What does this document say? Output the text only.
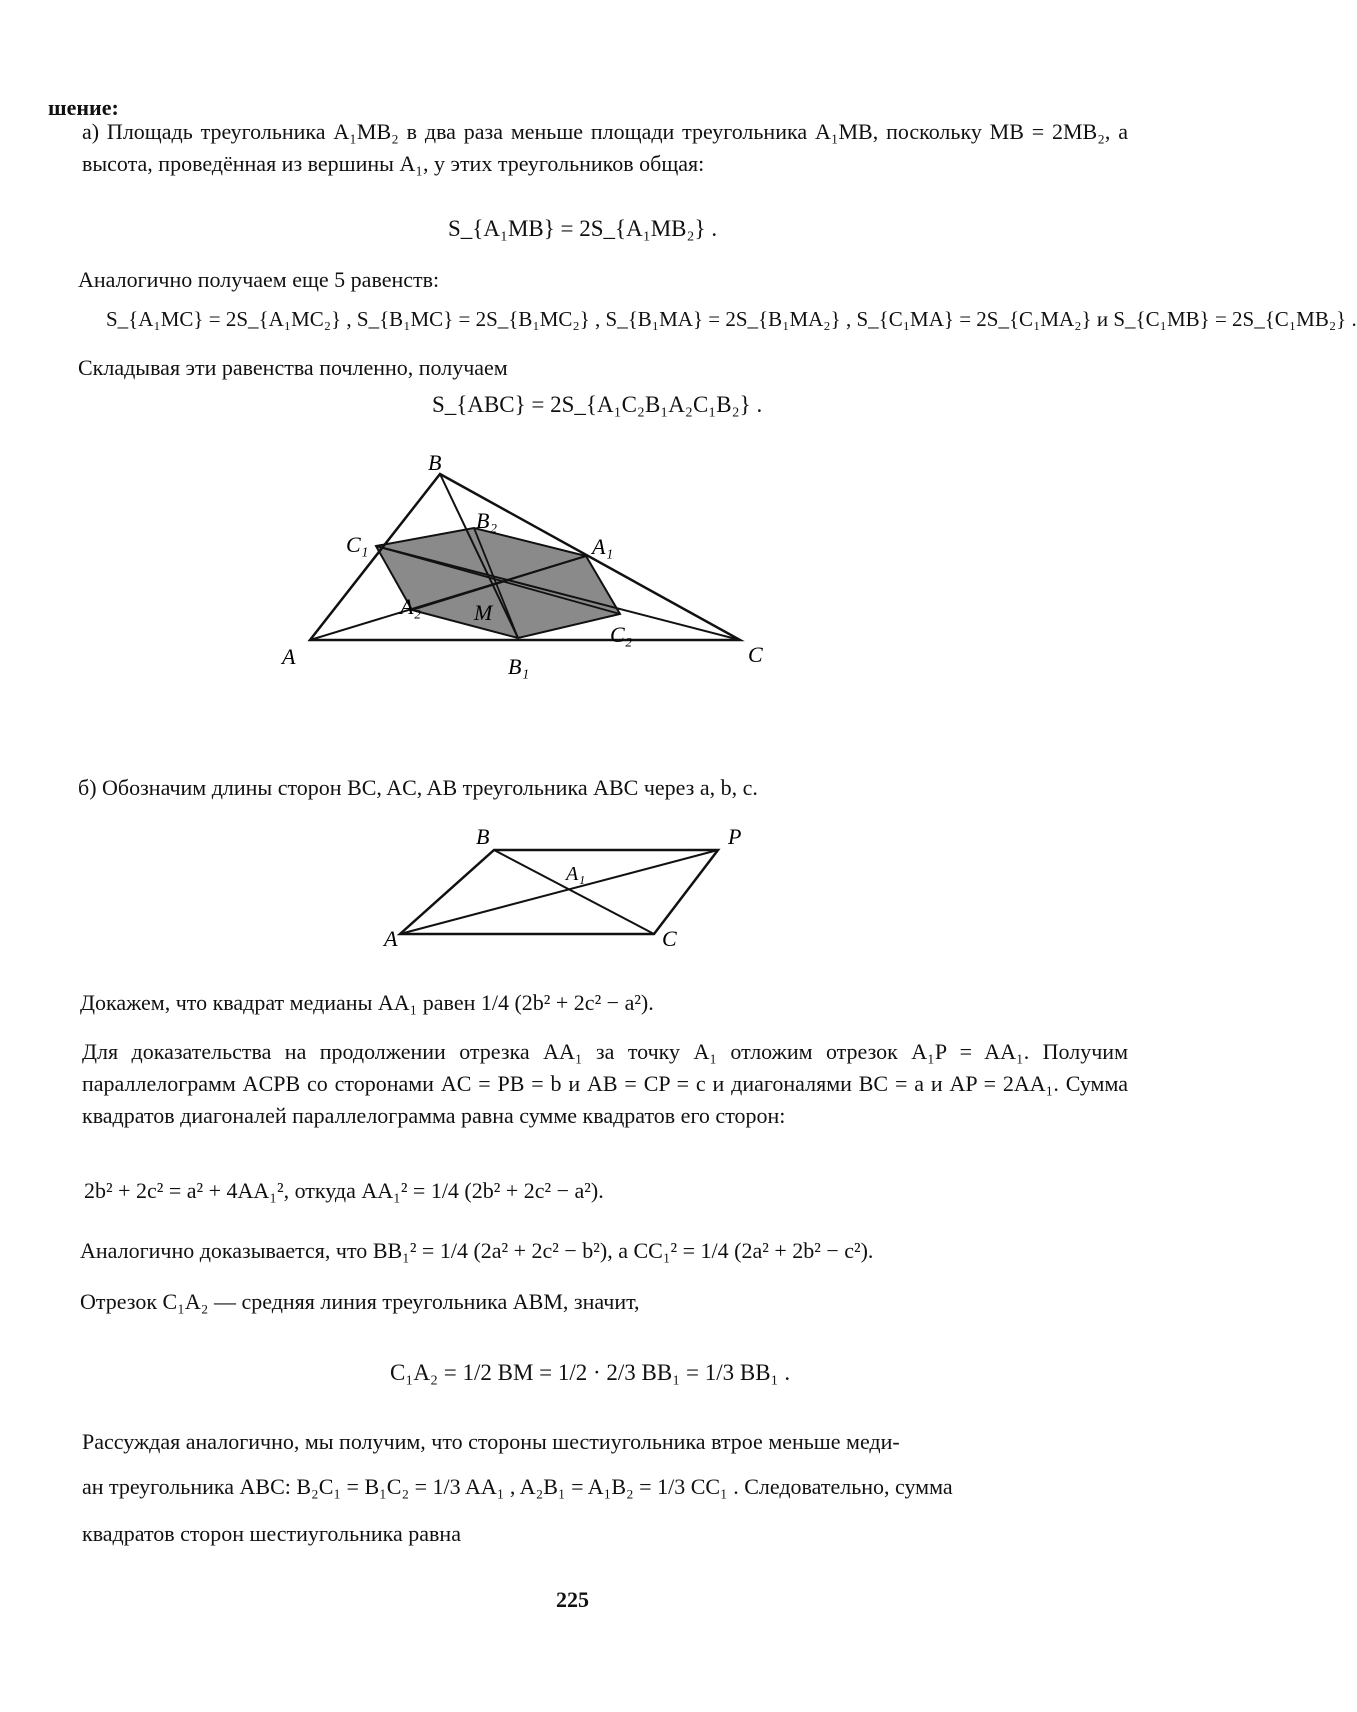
шение:
а) Площадь треугольника A₁MB₂ в два раза меньше площади треугольника A₁MB, поскольку MB = 2MB₂, а высота, проведённая из вершины A₁, у этих треугольников общая:
S_{A₁MB} = 2S_{A₁MB₂} .
Аналогично получаем еще 5 равенств:
S_{A₁MC} = 2S_{A₁MC₂} , S_{B₁MC} = 2S_{B₁MC₂} , S_{B₁MA} = 2S_{B₁MA₂} , S_{C₁MA} = 2S_{C₁MA₂} и S_{C₁MB} = 2S_{C₁MB₂} .
Складывая эти равенства почленно, получаем
S_{ABC} = 2S_{A₁C₂B₁A₂C₁B₂} .
B
B₂
C₁	A₁
A₂ M
C₂
A	C
B₁
б) Обозначим длины сторон BC, AC, AB треугольника ABC через a, b, c.
B	P
A₁
A	C
Докажем, что квадрат медианы AA₁ равен 1/4 (2b² + 2c² − a²).
Для доказательства на продолжении отрезка AA₁ за точку A₁ отложим отрезок A₁P = AA₁. Получим параллелограмм ACPB со сторонами AC = PB = b и AB = CP = c и диагоналями BC = a и AP = 2AA₁. Сумма квадратов диагоналей параллелограмма равна сумме квадратов его сторон:
2b² + 2c² = a² + 4AA₁², откуда AA₁² = 1/4 (2b² + 2c² − a²).
Аналогично доказывается, что BB₁² = 1/4 (2a² + 2c² − b²), а CC₁² = 1/4 (2a² + 2b² − c²).
Отрезок C₁A₂ — средняя линия треугольника ABM, значит,
C₁A₂ = 1/2 BM = 1/2 · 2/3 BB₁ = 1/3 BB₁ .
Рассуждая аналогично, мы получим, что стороны шестиугольника втрое меньше меди-
ан треугольника ABC: B₂C₁ = B₁C₂ = 1/3 AA₁ , A₂B₁ = A₁B₂ = 1/3 CC₁ . Следовательно, сумма
квадратов сторон шестиугольника равна
225
